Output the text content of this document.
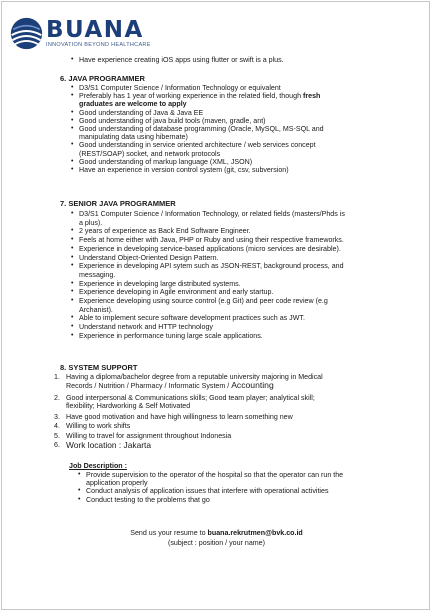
BUANA
INNOVATION BEYOND HEALTHCARE
• Have experience creating iOS apps using flutter or swift is a plus.
6. JAVA PROGRAMMER
• D3/S1 Computer Science / Information Technology or equivalent
• Preferably has 1 year of working experience in the related field, though fresh
graduates are welcome to apply
• Good understanding of Java & Java EE
• Good understanding of java build tools (maven, gradle, ant)
• Good understanding of database programming (Oracle, MySQL, MS-SQL and
manipulating data using hibernate)
• Good understanding in service oriented architecture / web services concept
(REST/SOAP) socket, and network protocols
• Good understanding of markup language (XML, JSON)
• Have an experience in version control system (git, csv, subversion)
7. SENIOR JAVA PROGRAMMER
• D3/S1 Computer Science / Information Technology, or related fields (masters/Phds is
a plus).
• 2 years of experience as Back End Software Engineer.
• Feels at home either with Java, PHP or Ruby and using their respective frameworks.
• Experience in developing service-based applications (micro services are desirable).
• Understand Object-Oriented Design Pattern.
• Experience in developing API sytem such as JSON-REST, background process, and
messaging.
• Experience in developing large distributed systems.
• Experience developing in Agile environment and early startup.
• Experience developing using source control (e.g Git) and peer code review (e.g
Archanist).
• Able to implement secure software development practices such as JWT.
• Understand network and HTTP technology
• Experience in performance tuning large scale applications.
8. SYSTEM SUPPORT
1. Having a diploma/bachelor degree from a reputable university majoring in Medical
Records / Nutrition / Pharmacy / Informatic System / Accounting
2. Good interpersonal & Communications skills; Good team player; analytical skill;
flexibility; Hardworking & Self Motivated
3. Have good motivation and have high willingness to learn something new
4. Willing to work shifts
5. Willing to travel for assignment throughout Indonesia
6. Work location : Jakarta
Job Description :
• Provide supervision to the operator of the hospital so that the operator can run the
application properly
• Conduct analysis of application issues that interfere with operational activities
• Conduct testing to the problems that go
Send us your resume to buana.rekrutmen@bvk.co.id
(subject : position / your name)
